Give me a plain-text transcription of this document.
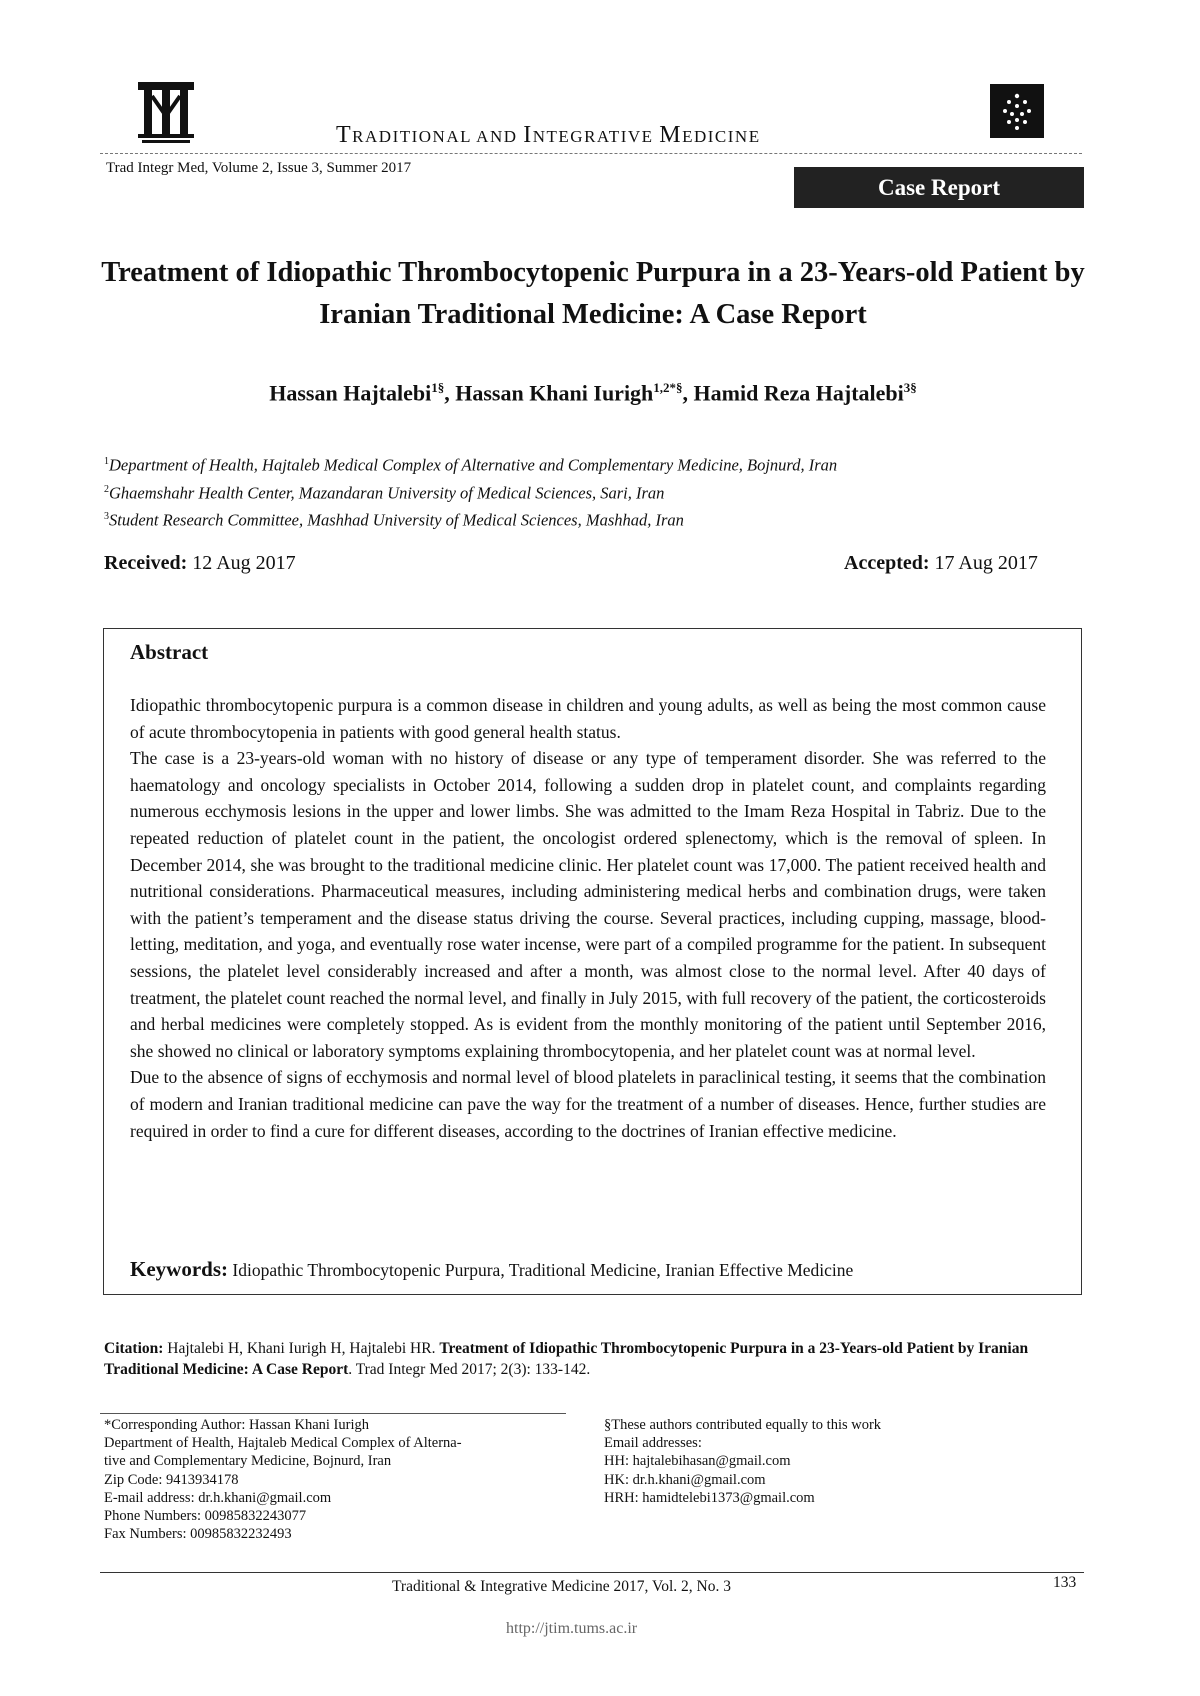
TRADITIONAL AND INTEGRATIVE MEDICINE
Trad Integr Med, Volume 2, Issue 3, Summer 2017
Case Report
Treatment of Idiopathic Thrombocytopenic Purpura in a 23-Years-old Patient by Iranian Traditional Medicine: A Case Report
Hassan Hajtalebi$^{1\S}$, Hassan Khani Iurigh$^{1,2*\S}$, Hamid Reza Hajtalebi$^{3\S}$
$^1$Department of Health, Hajtaleb Medical Complex of Alternative and Complementary Medicine, Bojnurd, Iran
$^2$Ghaemshahr Health Center, Mazandaran University of Medical Sciences, Sari, Iran
$^3$Student Research Committee, Mashhad University of Medical Sciences, Mashhad, Iran
Received: 12 Aug 2017	Accepted: 17 Aug 2017
Abstract

Idiopathic thrombocytopenic purpura is a common disease in children and young adults, as well as being the most common cause of acute thrombocytopenia in patients with good general health status.

The case is a 23-years-old woman with no history of disease or any type of temperament disorder. She was referred to the haematology and oncology specialists in October 2014, following a sudden drop in platelet count, and complaints regarding numerous ecchymosis lesions in the upper and lower limbs. She was admitted to the Imam Reza Hospital in Tabriz. Due to the repeated reduction of platelet count in the patient, the oncologist ordered splenectomy, which is the removal of spleen. In December 2014, she was brought to the traditional medicine clinic. Her platelet count was 17,000. The patient received health and nutritional considerations. Pharmaceutical measures, including administering medical herbs and combination drugs, were taken with the patient’s temperament and the disease status driving the course. Several practices, including cupping, massage, blood-letting, meditation, and yoga, and eventually rose water incense, were part of a compiled programme for the patient. In subsequent sessions, the platelet level considerably increased and after a month, was almost close to the normal level. After 40 days of treatment, the platelet count reached the normal level, and finally in July 2015, with full recovery of the patient, the corticosteroids and herbal medicines were completely stopped. As is evident from the monthly monitoring of the patient until September 2016, she showed no clinical or laboratory symptoms explaining thrombocytopenia, and her platelet count was at normal level.

Due to the absence of signs of ecchymosis and normal level of blood platelets in paraclinical testing, it seems that the combination of modern and Iranian traditional medicine can pave the way for the treatment of a number of diseases. Hence, further studies are required in order to find a cure for different diseases, according to the doctrines of Iranian effective medicine.

Keywords: Idiopathic Thrombocytopenic Purpura, Traditional Medicine, Iranian Effective Medicine
Citation: Hajtalebi H, Khani Iurigh H, Hajtalebi HR. Treatment of Idiopathic Thrombocytopenic Purpura in a 23-Years-old Patient by Iranian Traditional Medicine: A Case Report. Trad Integr Med 2017; 2(3): 133-142.
*Corresponding Author: Hassan Khani Iurigh
Department of Health, Hajtaleb Medical Complex of Alterna-
tive and Complementary Medicine, Bojnurd, Iran
Zip Code: 9413934178
E-mail address: dr.h.khani@gmail.com
Phone Numbers: 00985832243077
Fax Numbers: 00985832232493
§These authors contributed equally to this work
Email addresses:
HH: hajtalebihasan@gmail.com
HK: dr.h.khani@gmail.com
HRH: hamidtelebi1373@gmail.com
Traditional & Integrative Medicine 2017, Vol. 2, No. 3	133
http://jtim.tums.ac.ir
